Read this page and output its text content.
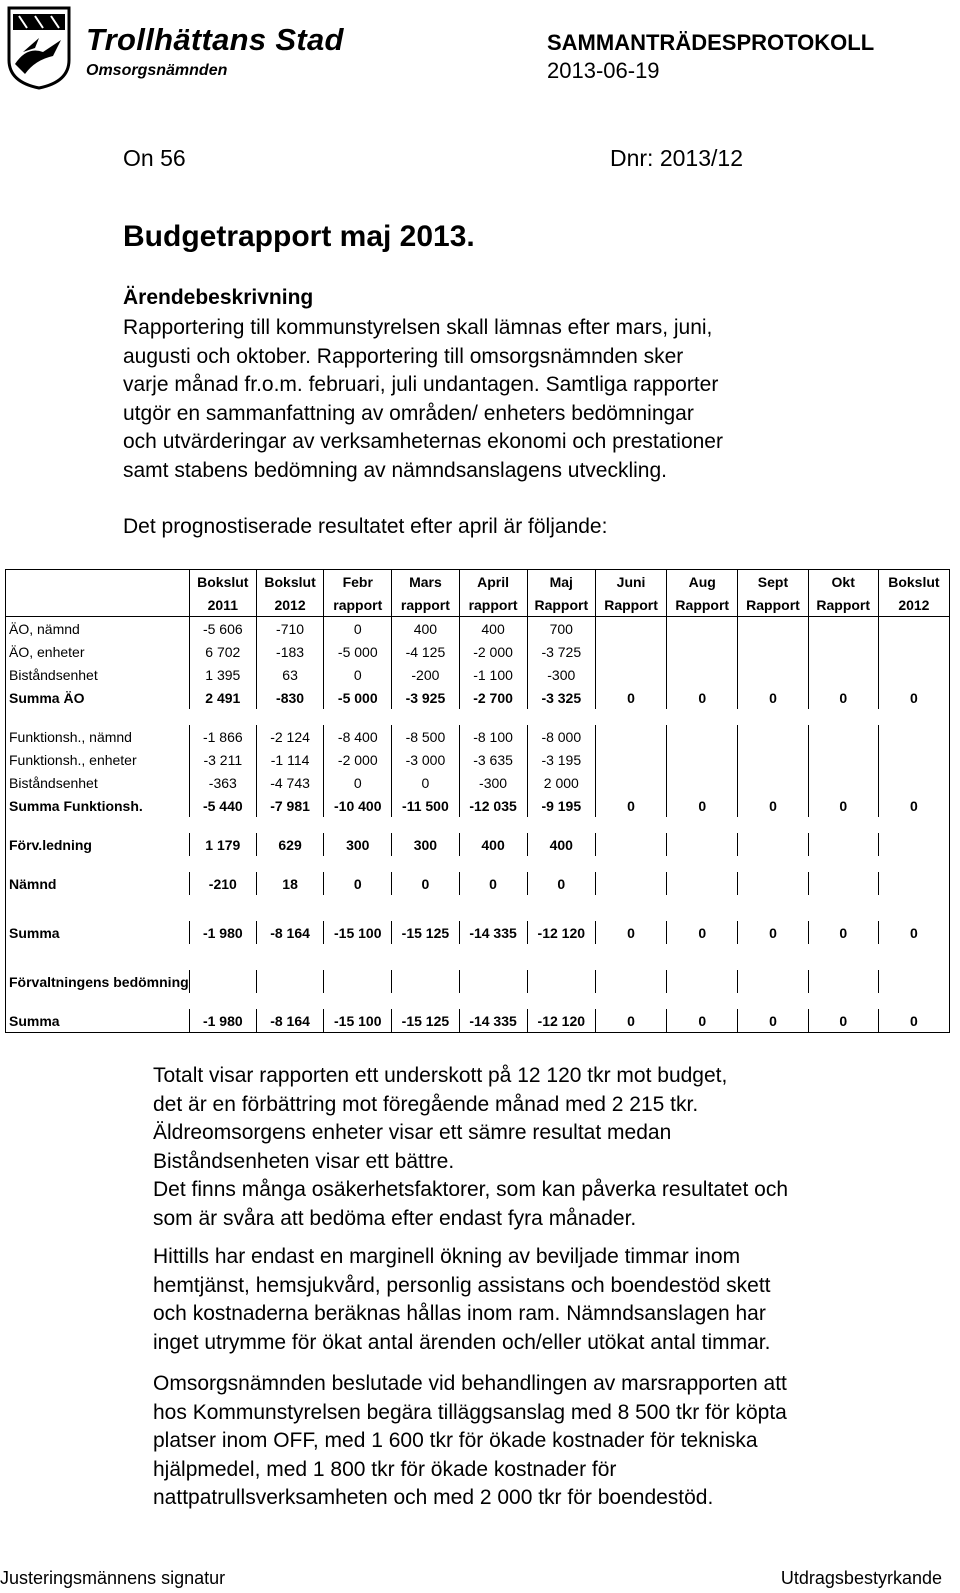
Trollhättans Stad
Omsorgsnämnden
SAMMANTRÄDESPROTOKOLL
2013-06-19
On 56	Dnr: 2013/12
Budgetrapport maj 2013.
Ärendebeskrivning
Rapportering till kommunstyrelsen skall lämnas efter mars, juni,
augusti och oktober. Rapportering till omsorgsnämnden sker
varje månad fr.o.m. februari, juli undantagen. Samtliga rapporter
utgör en sammanfattning av områden/ enheters bedömningar
och utvärderingar av verksamheternas ekonomi och prestationer
samt stabens bedömning av nämndsanslagens utveckling.
Det prognostiserade resultatet efter april är följande:
	Bokslut	Bokslut	Febr	Mars	April	Maj	Juni	Aug	Sept	Okt	Bokslut
	2011	2012	rapport	rapport	rapport	Rapport	Rapport	Rapport	Rapport	Rapport	2012
ÄO, nämnd	-5 606	-710	0	400	400	700					
ÄO, enheter	6 702	-183	-5 000	-4 125	-2 000	-3 725					
Biståndsenhet	1 395	63	0	-200	-1 100	-300					
Summa ÄO	2 491	-830	-5 000	-3 925	-2 700	-3 325	0	0	0	0	0

Funktionsh., nämnd	-1 866	-2 124	-8 400	-8 500	-8 100	-8 000					
Funktionsh., enheter	-3 211	-1 114	-2 000	-3 000	-3 635	-3 195					
Biståndsenhet	-363	-4 743	0	0	-300	2 000					
Summa Funktionsh.	-5 440	-7 981	-10 400	-11 500	-12 035	-9 195	0	0	0	0	0

Förv.ledning	1 179	629	300	300	400	400					

Nämnd	-210	18	0	0	0	0					

Summa	-1 980	-8 164	-15 100	-15 125	-14 335	-12 120	0	0	0	0	0

Förvaltningens bedömning											

Summa	-1 980	-8 164	-15 100	-15 125	-14 335	-12 120	0	0	0	0	0
Totalt visar rapporten ett underskott på 12 120 tkr mot budget,
det är en förbättring mot föregående månad med 2 215 tkr.
Äldreomsorgens enheter visar ett sämre resultat medan
Biståndsenheten visar ett bättre.
Det finns många osäkerhetsfaktorer, som kan påverka resultatet och
som är svåra att bedöma efter endast fyra månader.
Hittills har endast en marginell ökning av beviljade timmar inom
hemtjänst, hemsjukvård, personlig assistans och boendestöd skett
och kostnaderna beräknas hållas inom ram. Nämndsanslagen har
inget utrymme för ökat antal ärenden och/eller utökat antal timmar.
Omsorgsnämnden beslutade vid behandlingen av marsrapporten att
hos Kommunstyrelsen begära tilläggsanslag med 8 500 tkr för köpta
platser inom OFF, med 1 600 tkr för ökade kostnader för tekniska
hjälpmedel, med 1 800 tkr för ökade kostnader för
nattpatrullsverksamheten och med 2 000 tkr för boendestöd.
Justeringsmännens signatur	Utdragsbestyrkande
